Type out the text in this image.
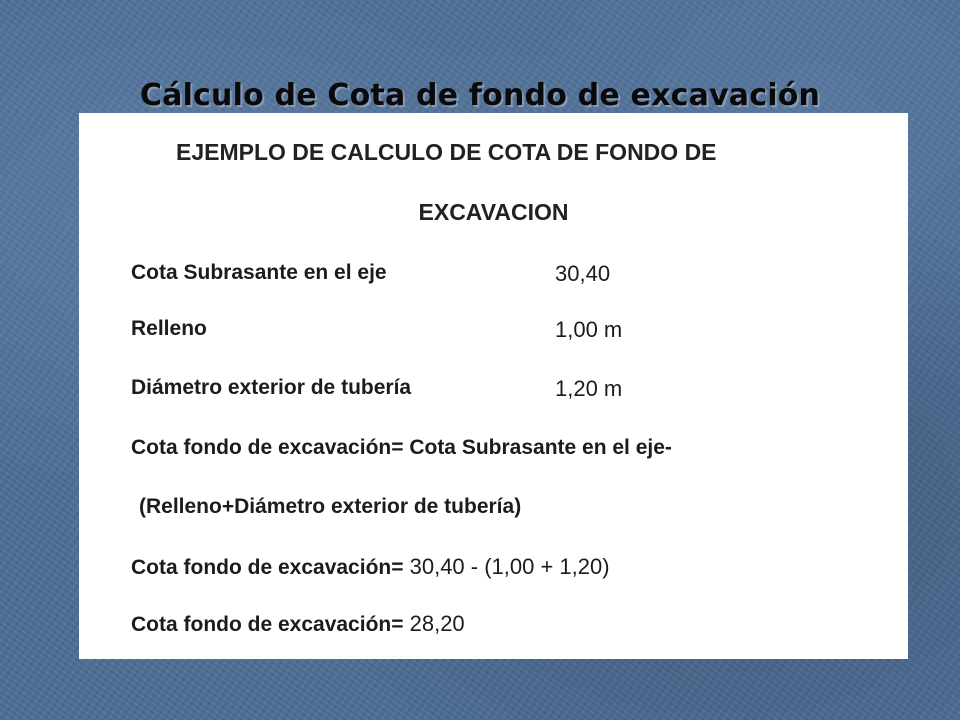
Cálculo de Cota de fondo de excavación
EJEMPLO DE CALCULO DE COTA DE FONDO DE
EXCAVACION
Cota Subrasante en el eje	30,40
Relleno	1,00 m
Diámetro exterior de tubería	1,20 m
Cota fondo de excavación= Cota Subrasante en el eje-
(Relleno+Diámetro exterior de tubería)
Cota fondo de excavación= 30,40 - (1,00 + 1,20)
Cota fondo de excavación= 28,20
